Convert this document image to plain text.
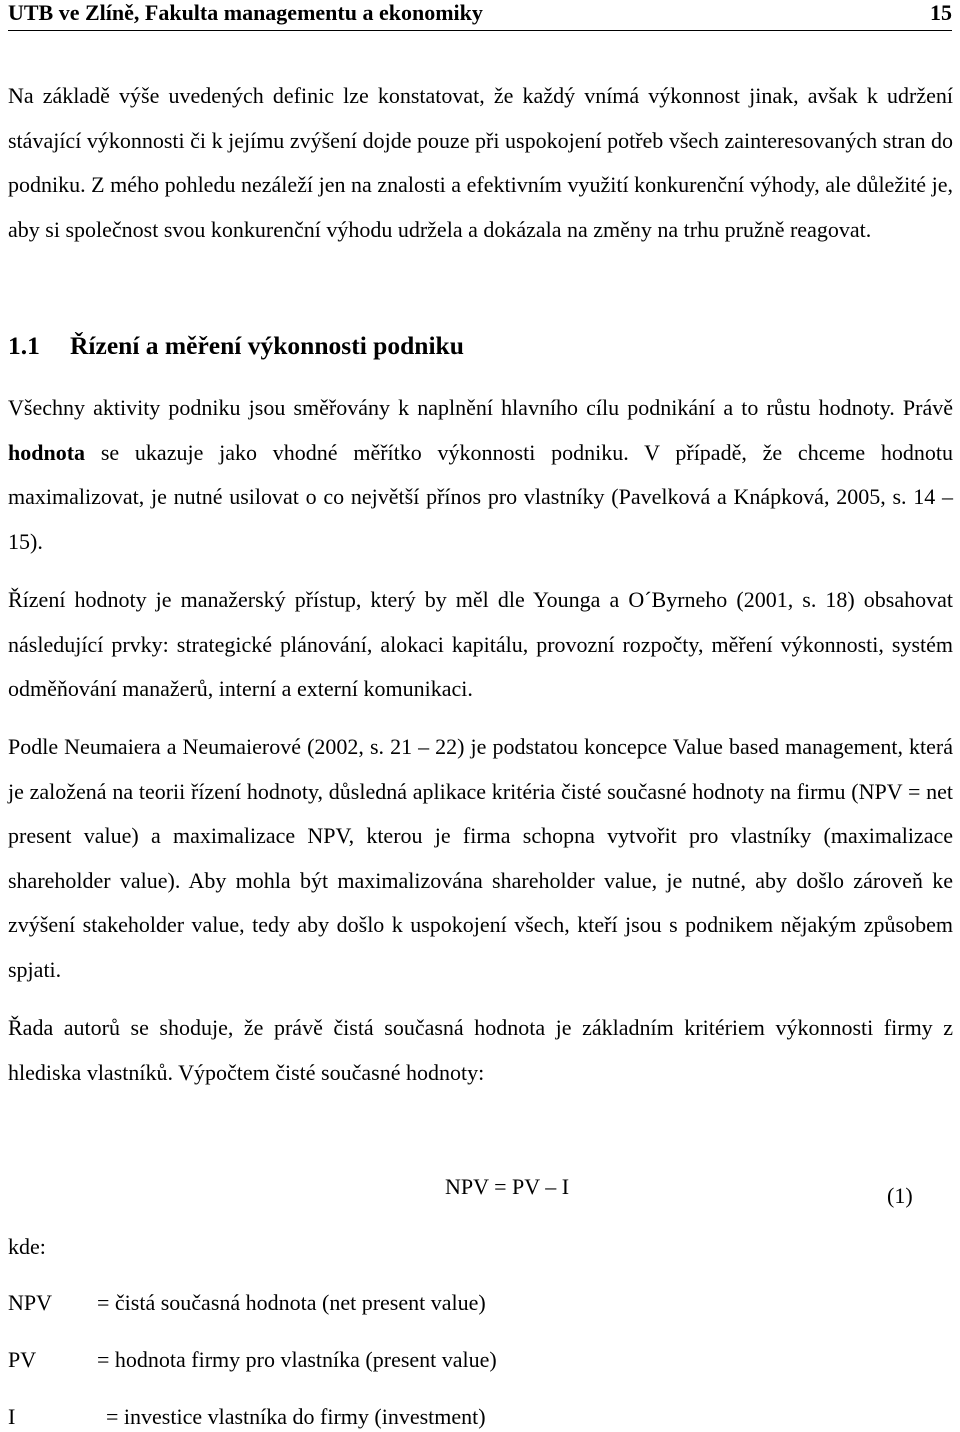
UTB ve Zlíně, Fakulta managementu a ekonomiky	15

Na základě výše uvedených definic lze konstatovat, že každý vnímá výkonnost jinak, avšak k udržení stávající výkonnosti či k jejímu zvýšení dojde pouze při uspokojení potřeb všech zainteresovaných stran do podniku. Z mého pohledu nezáleží jen na znalosti a efektivním využití konkurenční výhody, ale důležité je, aby si společnost svou konkurenční výhodu udržela a dokázala na změny na trhu pružně reagovat.

1.1 Řízení a měření výkonnosti podniku

Všechny aktivity podniku jsou směřovány k naplnění hlavního cílu podnikání a to růstu hodnoty. Právě hodnota se ukazuje jako vhodné měřítko výkonnosti podniku. V případě, že chceme hodnotu maximalizovat, je nutné usilovat o co největší přínos pro vlastníky (Pavelková a Knápková, 2005, s. 14 – 15).

Řízení hodnoty je manažerský přístup, který by měl dle Younga a O´Byrneho (2001, s. 18) obsahovat následující prvky: strategické plánování, alokaci kapitálu, provozní rozpočty, měření výkonnosti, systém odměňování manažerů, interní a externí komunikaci.

Podle Neumaiera a Neumaierové (2002, s. 21 – 22) je podstatou koncepce Value based management, která je založená na teorii řízení hodnoty, důsledná aplikace kritéria čisté současné hodnoty na firmu (NPV = net present value) a maximalizace NPV, kterou je firma schopna vytvořit pro vlastníky (maximalizace shareholder value). Aby mohla být maximalizována shareholder value, je nutné, aby došlo zároveň ke zvýšení stakeholder value, tedy aby došlo k uspokojení všech, kteří jsou s podnikem nějakým způsobem spjati.

Řada autorů se shoduje, že právě čistá současná hodnota je základním kritériem výkonnosti firmy z hlediska vlastníků. Výpočtem čisté současné hodnoty:

NPV = PV – I	(1)
kde:
NPV = čistá současná hodnota (net present value)
PV	= hodnota firmy pro vlastníka (present value)
I	= investice vlastníka do firmy (investment)
